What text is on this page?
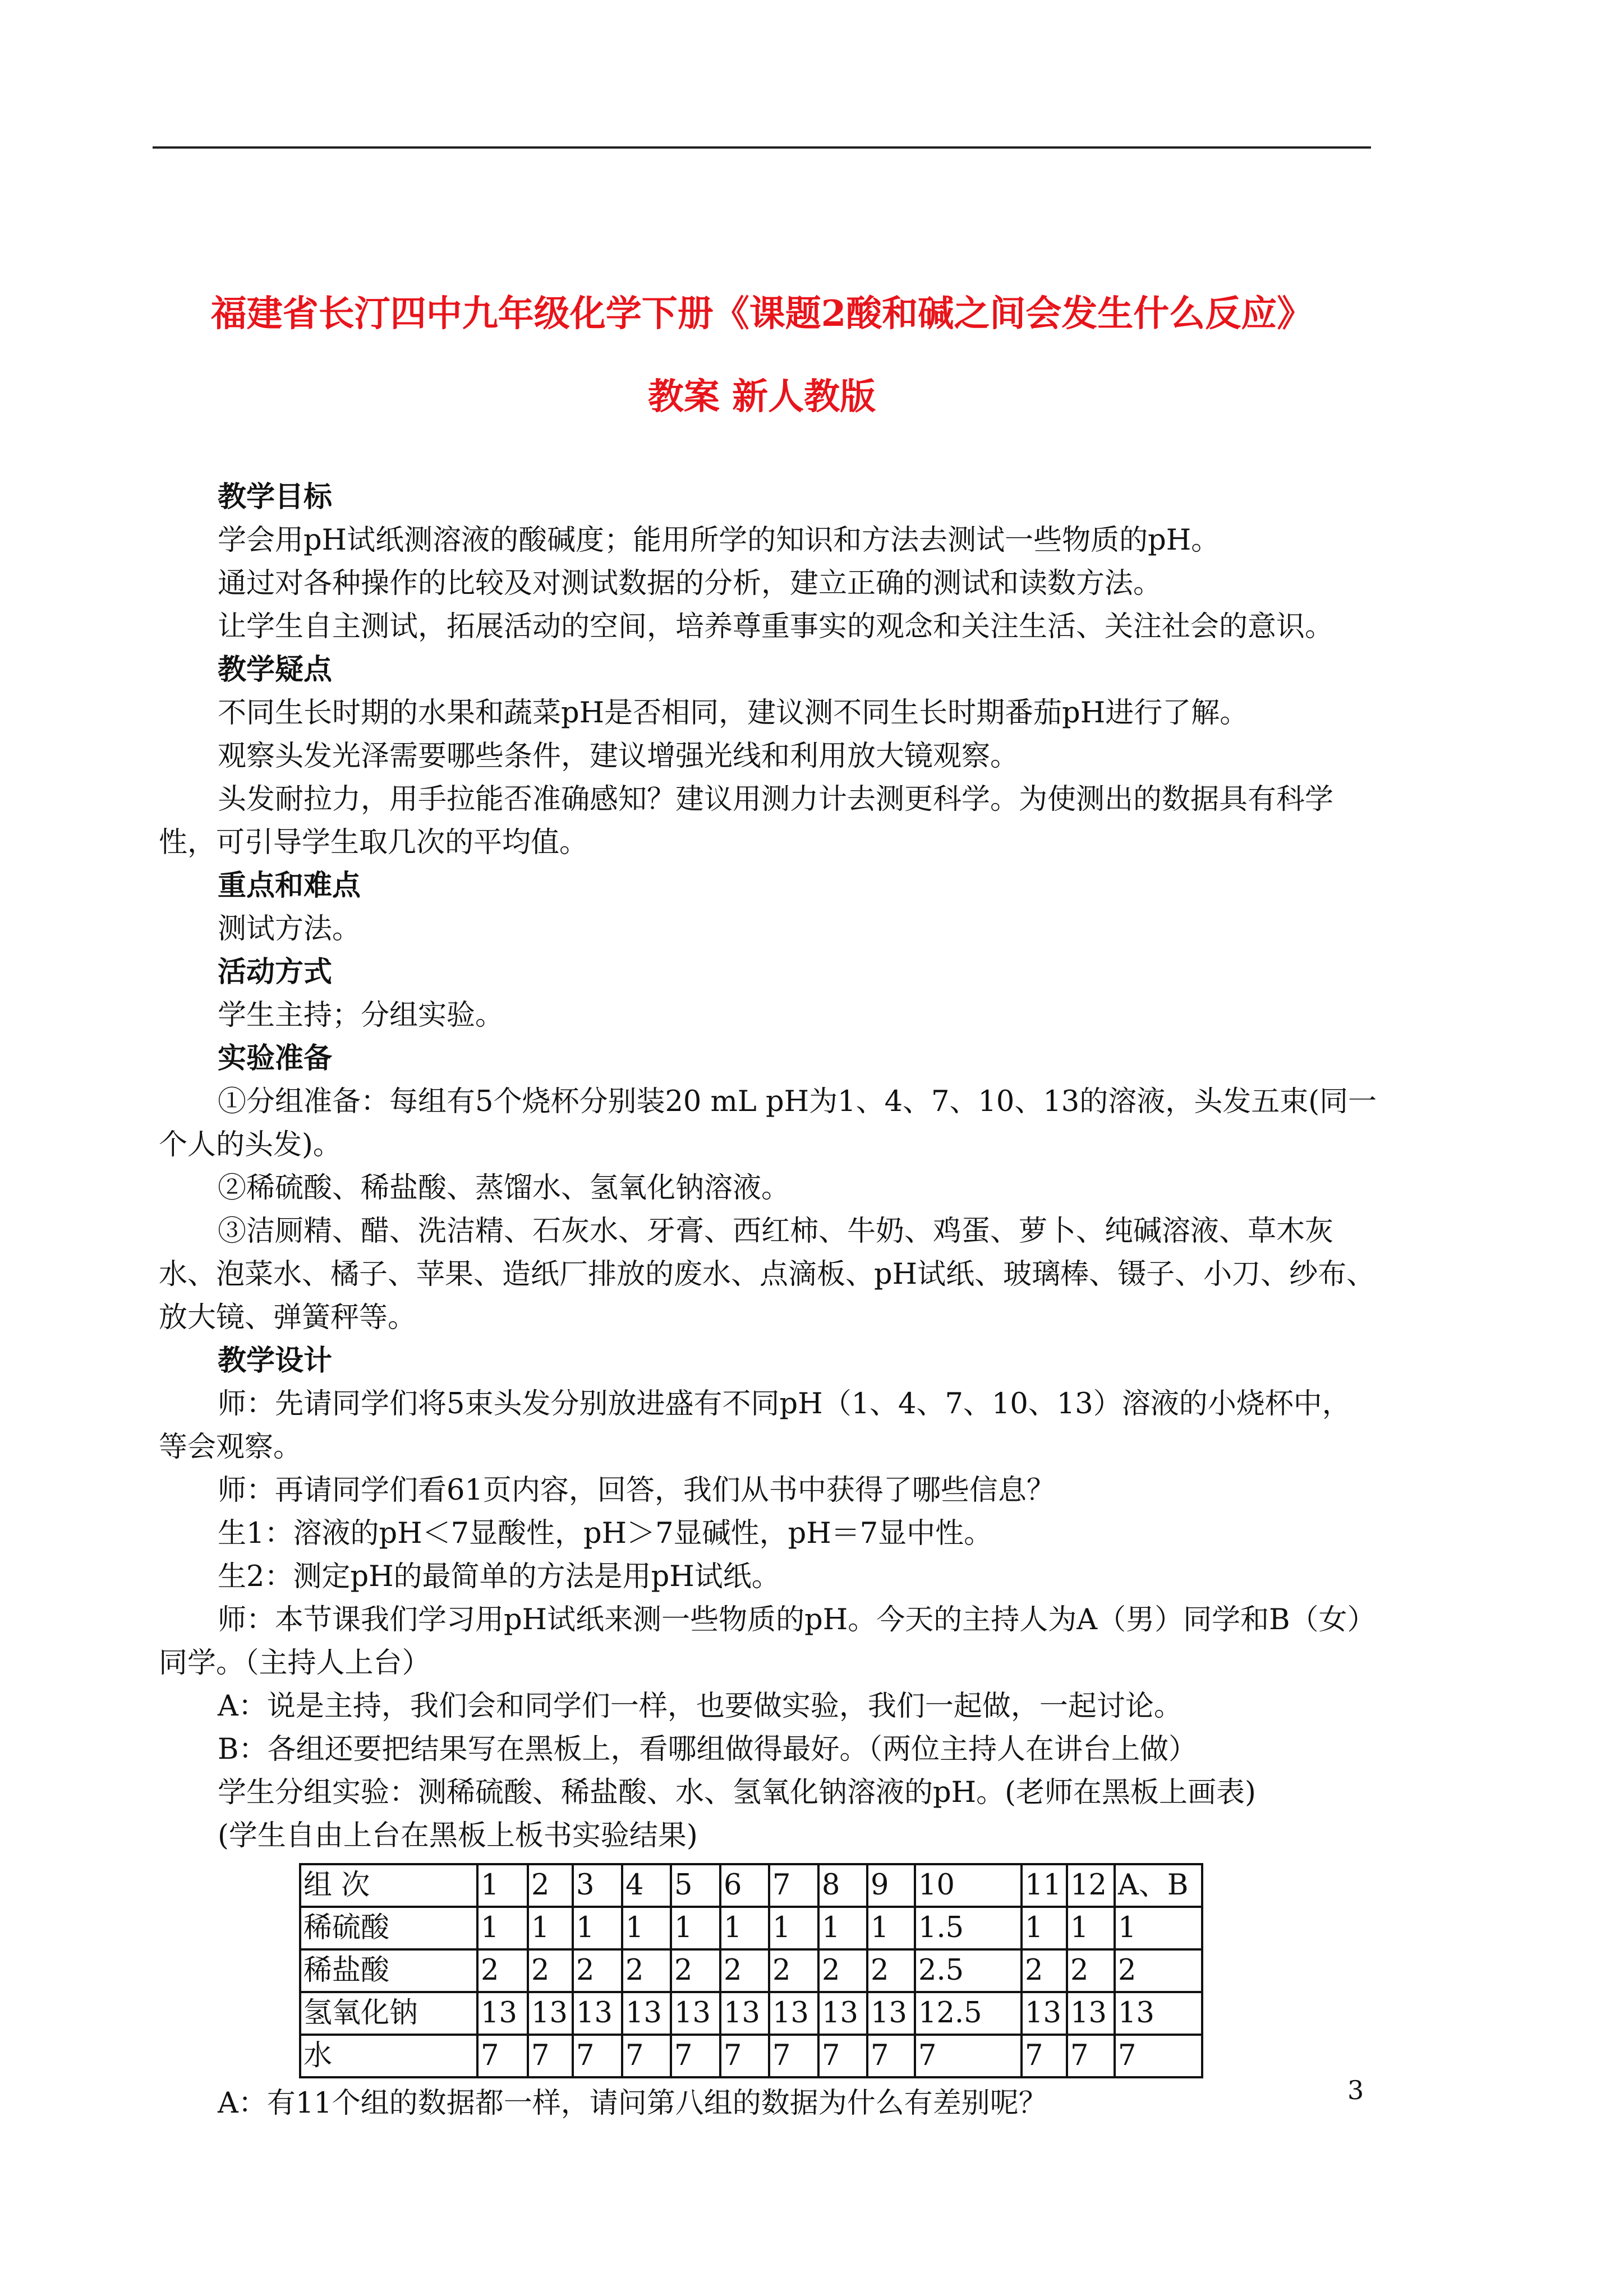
福建省长汀四中九年级化学下册《课题2酸和碱之间会发生什么反应》
教案 新人教版

教学目标

学会用pH试纸测溶液的酸碱度；能用所学的知识和方法去测试一些物质的pH。

通过对各种操作的比较及对测试数据的分析，建立正确的测试和读数方法。

让学生自主测试，拓展活动的空间，培养尊重事实的观念和关注生活、关注社会的意识。

教学疑点

不同生长时期的水果和蔬菜pH是否相同，建议测不同生长时期番茄pH进行了解。

观察头发光泽需要哪些条件，建议增强光线和利用放大镜观察。

头发耐拉力，用手拉能否准确感知？建议用测力计去测更科学。为使测出的数据具有科学性，可引导学生取几次的平均值。

重点和难点

测试方法。

活动方式

学生主持；分组实验。

实验准备

①分组准备：每组有5个烧杯分别装20 mL pH为1、4、7、10、13的溶液，头发五束(同一个人的头发)。

②稀硫酸、稀盐酸、蒸馏水、氢氧化钠溶液。

③洁厕精、醋、洗洁精、石灰水、牙膏、西红柿、牛奶、鸡蛋、萝卜、纯碱溶液、草木灰水、泡菜水、橘子、苹果、造纸厂排放的废水、点滴板、pH试纸、玻璃棒、镊子、小刀、纱布、放大镜、弹簧秤等。

教学设计

师：先请同学们将5束头发分别放进盛有不同pH（1、4、7、10、13）溶液的小烧杯中，等会观察。

师：再请同学们看61页内容，回答，我们从书中获得了哪些信息？

生1：溶液的pH＜7显酸性，pH＞7显碱性，pH＝7显中性。

生2：测定pH的最简单的方法是用pH试纸。

师：本节课我们学习用pH试纸来测一些物质的pH。今天的主持人为A（男）同学和B（女）同学。（主持人上台）

A：说是主持，我们会和同学们一样，也要做实验，我们一起做，一起讨论。

B：各组还要把结果写在黑板上，看哪组做得最好。（两位主持人在讲台上做）

学生分组实验：测稀硫酸、稀盐酸、水、氢氧化钠溶液的pH。(老师在黑板上画表)

(学生自由上台在黑板上板书实验结果)

组 次	1	2	3	4	5	6	7	8	9	10	11	12	A、B
稀硫酸	1	1	1	1	1	1	1	1	1	1.5	1	1	1
稀盐酸	2	2	2	2	2	2	2	2	2	2.5	2	2	2
氢氧化钠	13	13	13	13	13	13	13	13	13	12.5	13	13	13
水	7	7	7	7	7	7	7	7	7	7	7	7	7

A：有11个组的数据都一样，请问第八组的数据为什么有差别呢？	3
